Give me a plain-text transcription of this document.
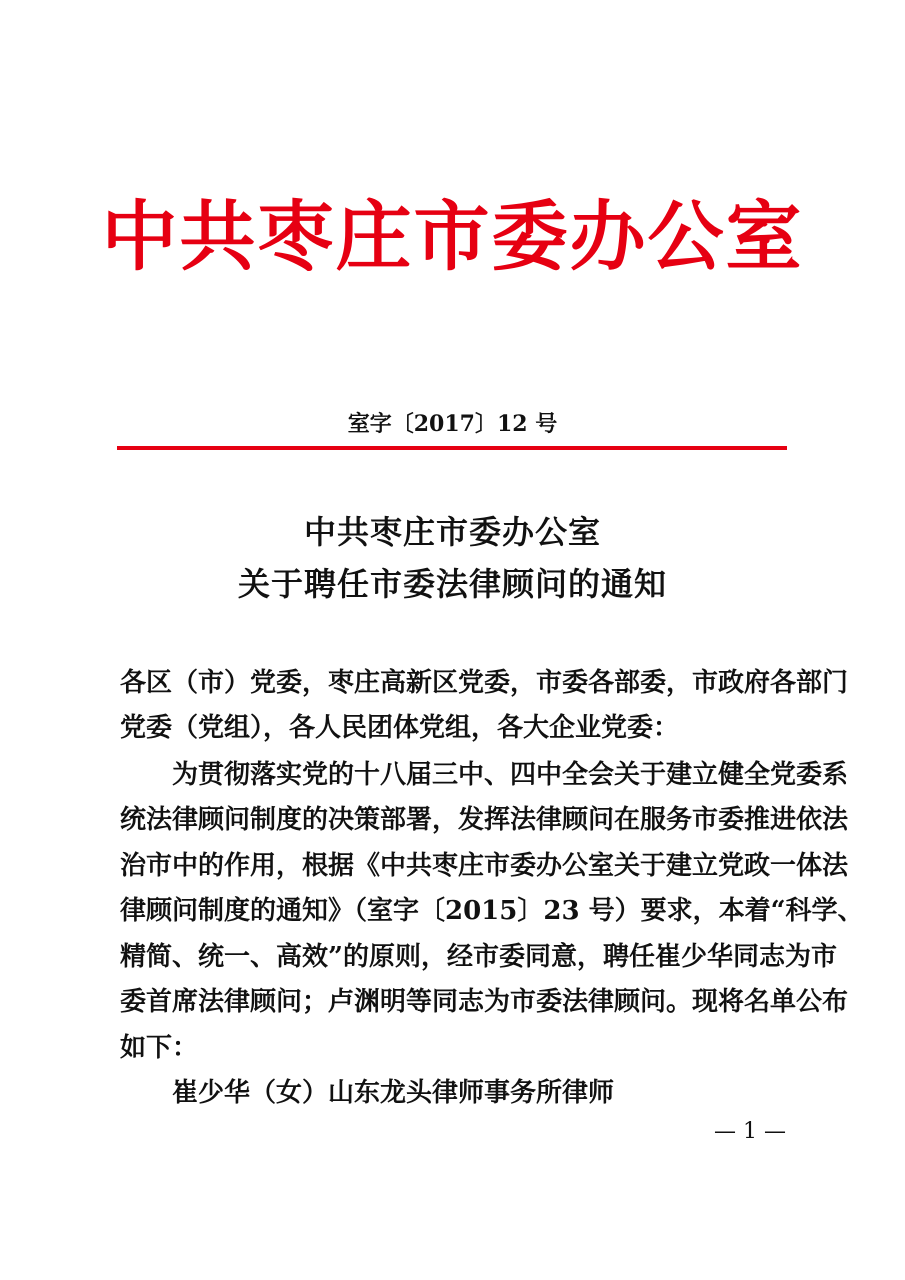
中共枣庄市委办公室
室字〔2017〕12 号
中共枣庄市委办公室
关于聘任市委法律顾问的通知
各区（市）党委，枣庄高新区党委，市委各部委，市政府各部门
党委（党组），各人民团体党组，各大企业党委：
为贯彻落实党的十八届三中、四中全会关于建立健全党委系
统法律顾问制度的决策部署，发挥法律顾问在服务市委推进依法
治市中的作用，根据《中共枣庄市委办公室关于建立党政一体法
律顾问制度的通知》（室字〔2015〕23 号）要求，本着“科学、
精简、统一、高效”的原则，经市委同意，聘任崔少华同志为市
委首席法律顾问；卢渊明等同志为市委法律顾问。现将名单公布
如下：
崔少华（女）山东龙头律师事务所律师
— 1 —
